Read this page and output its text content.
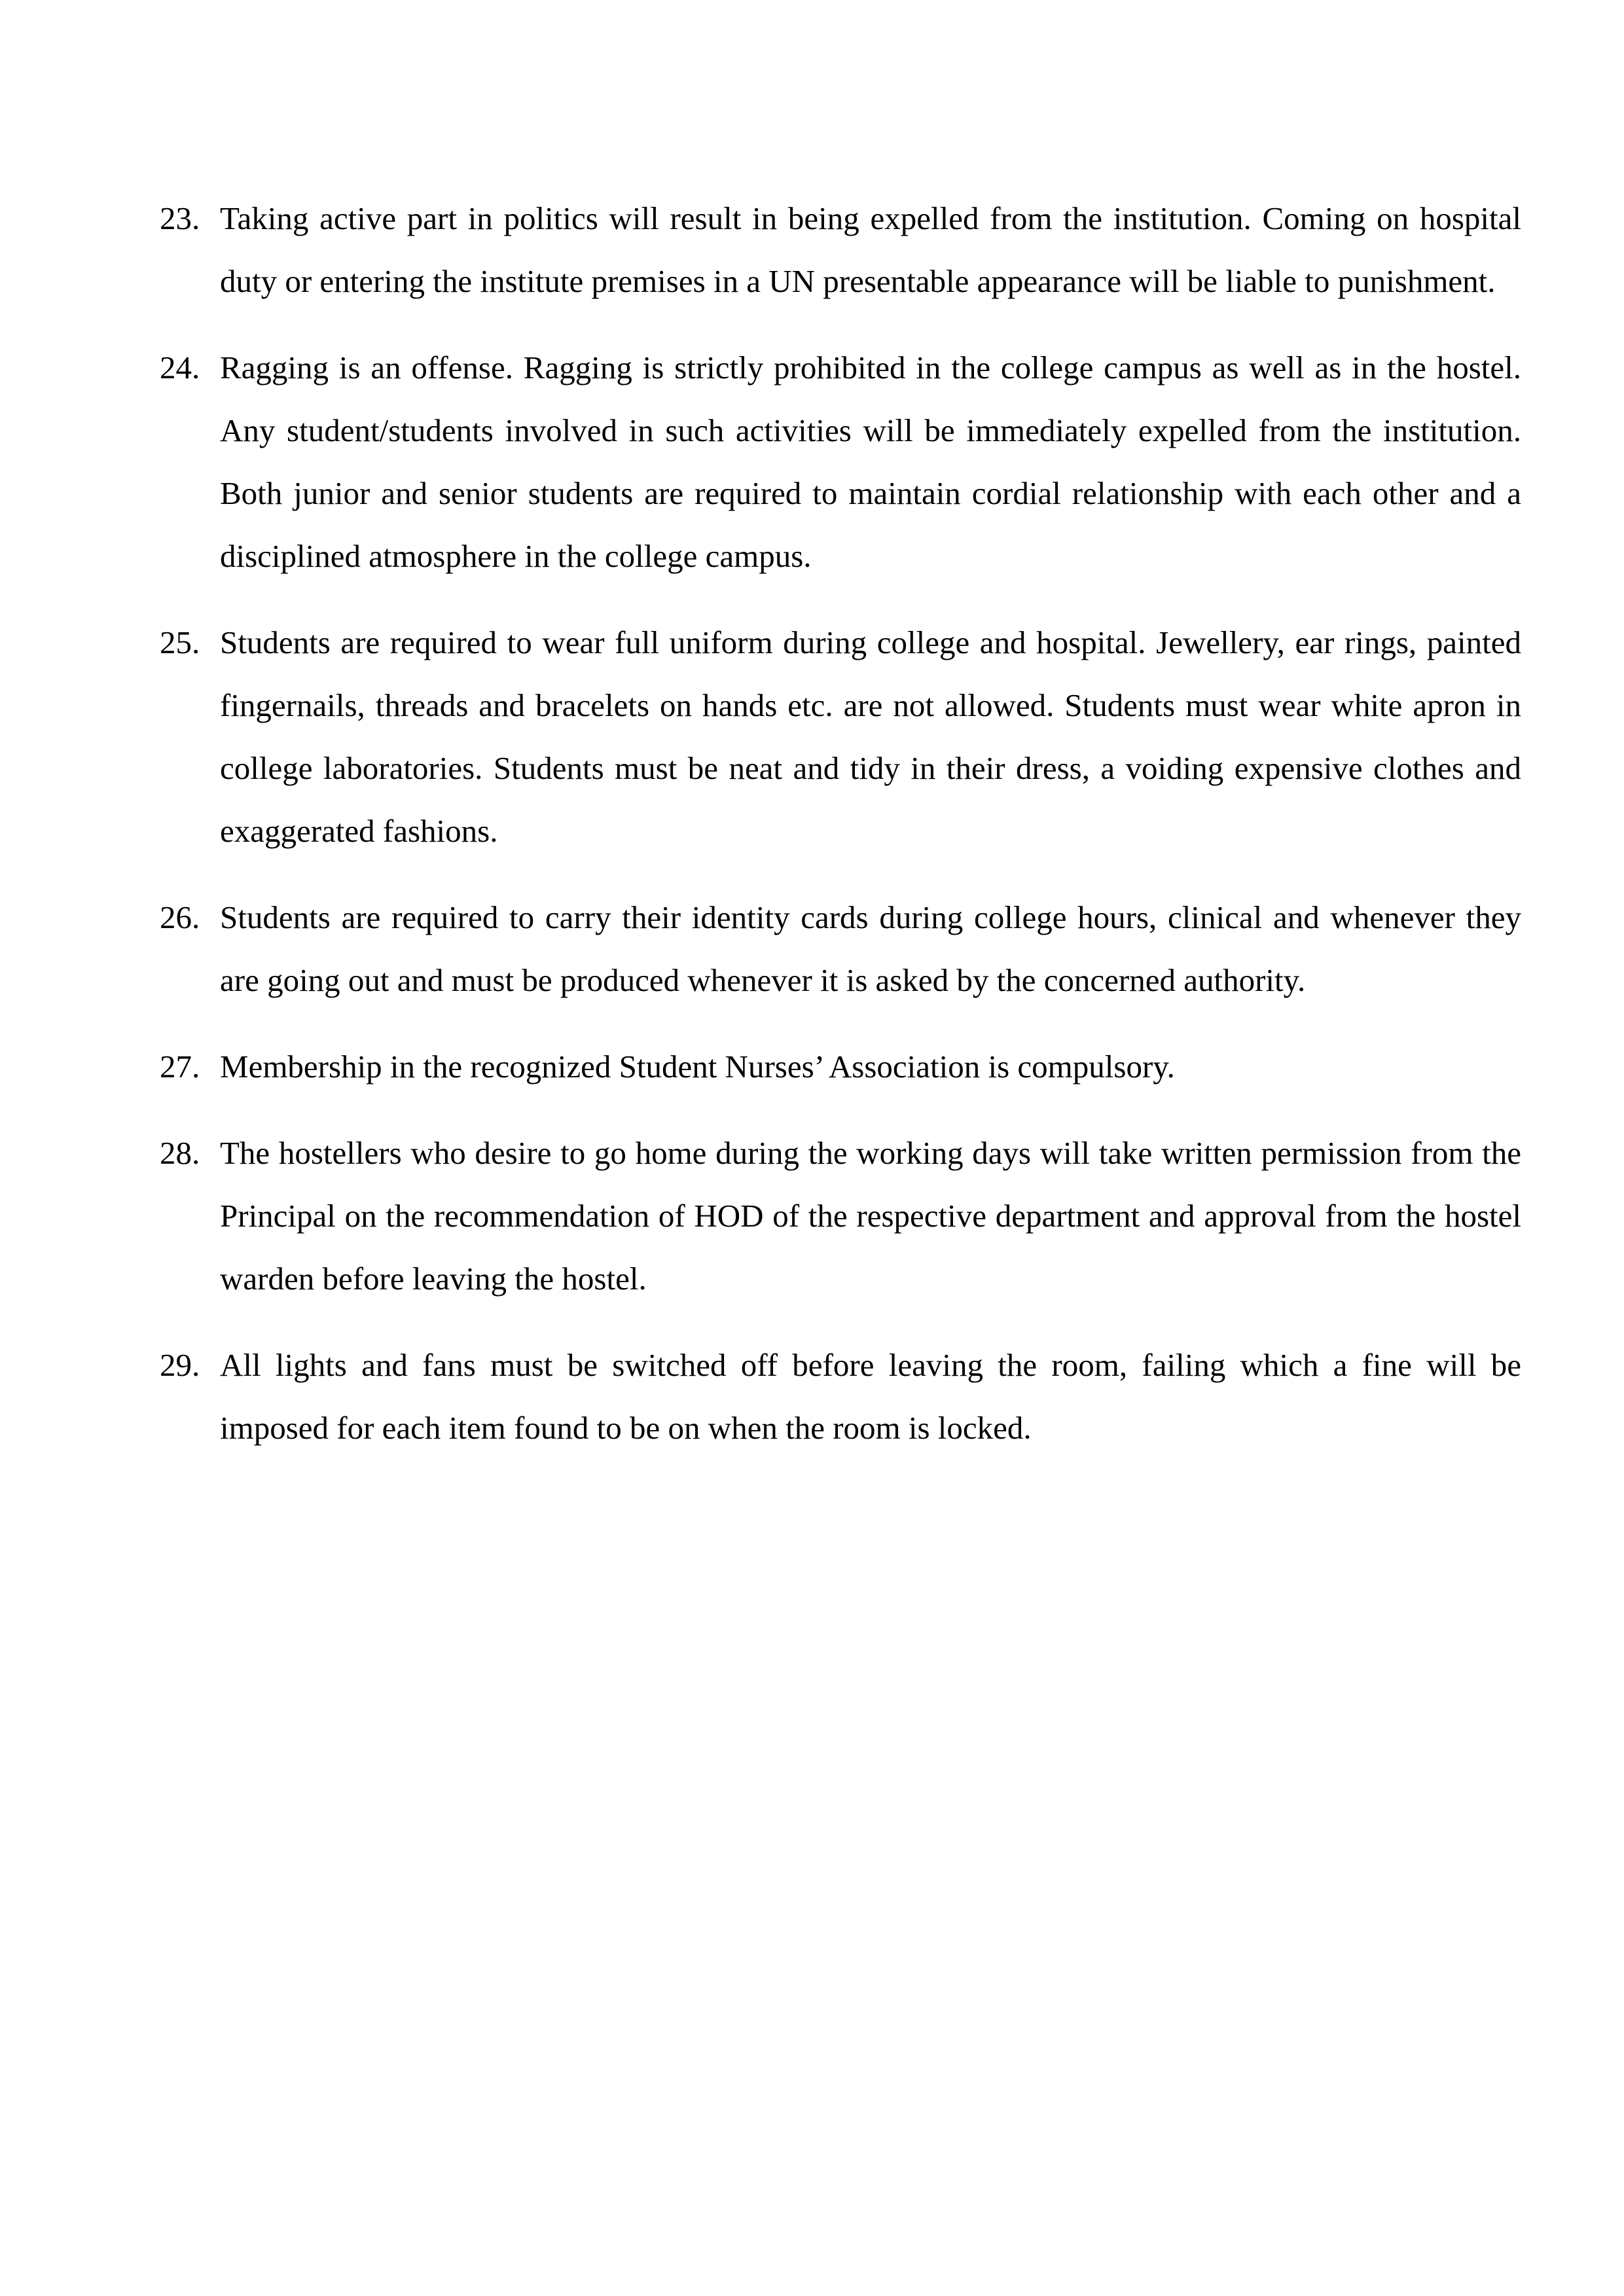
23. Taking active part in politics will result in being expelled from the institution. Coming on hospital duty or entering the institute premises in a UN presentable appearance will be liable to punishment.
24. Ragging is an offense. Ragging is strictly prohibited in the college campus as well as in the hostel. Any student/students involved in such activities will be immediately expelled from the institution. Both junior and senior students are required to maintain cordial relationship with each other and a disciplined atmosphere in the college campus.
25. Students are required to wear full uniform during college and hospital. Jewellery, ear rings, painted fingernails, threads and bracelets on hands etc. are not allowed. Students must wear white apron in college laboratories. Students must be neat and tidy in their dress, a voiding expensive clothes and exaggerated fashions.
26. Students are required to carry their identity cards during college hours, clinical and whenever they are going out and must be produced whenever it is asked by the concerned authority.
27. Membership in the recognized Student Nurses’ Association is compulsory.
28. The hostellers who desire to go home during the working days will take written permission from the Principal on the recommendation of HOD of the respective department and approval from the hostel warden before leaving the hostel.
29. All lights and fans must be switched off before leaving the room, failing which a fine will be imposed for each item found to be on when the room is locked.
